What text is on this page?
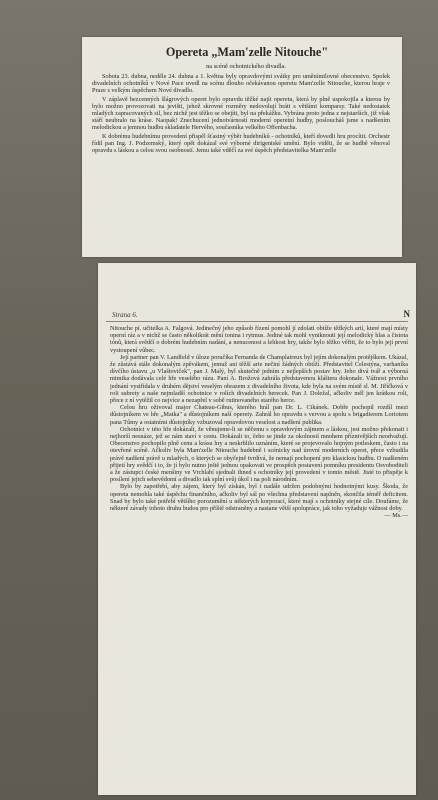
Opereta „Mam'zelle Nitouche"
na scéně ochotnického divadla.

Sobota 23. dubna, neděle 24. dubna a 1. května byly opravdovými svátky pro uměnímilovné obecenstvo. Spolek divadelních ochotníků v Nové Pace uvedl na scénu dlouho očekávanou operetu Mam'zelle Nitouche, kterou hraje v Praze s velkým úspěchem Nové divadlo.

V záplavě bezcenných šlágrových operet bylo opravdu těžké najít operetu, která by plně uspokojila a kterou by bylo možno provozovati na jevišti, jehož skrovné rozměry nedovolují hráti s většími komparsy. Také nedostatek mladých zapracovaných sil, bez nichž jest těžko se obejíti, byl na překážku. Vybrána proto jedna z nejstarších, již však stáří neubralo na kráse. Naopak! Znechucení jednotvárností moderní operetní hudby, posloucháš jsme s nadšením melodickou a jemnou hudbu skladatele Hervého, současníka velkého Offenbacha.

K dobrému hudebnímu provedení přispěl šťastný výběr hudebníků - ochotníků, kteří dovedli hru procítit. Orchestr řídil pan Ing. J. Podzemský, který opět dokázal své výborné dirigentské umění. Bylo viděti, že se hudbě věnoval opravdu s láskou a celou svou osobností. Jemu také vděčí za své úspěch představitelka Mam'zelle

Strana 6.	N

Nitouche pí. učitelka A. Falgová. Jedinečný jeho způsob řízení pomohl jí zdolati obtíže těžkých arií, které mají místy operní ráz a v nichž se často několikrát mění tonina i rytmus. Jediné tak mohl vyniknouti její melodický hlas a čistota tónů, která svědčí o dobrém hudebním nadání, a nenucenost a lehkost hry, takže bylo těžko věřiti, že to bylo její první vystoupení vůbec.

Její partner pan V. Landfeld v úloze poručíka Fernanda de Champlatreux byl jejím dokonalým protějškem. Ukázal, že zůstává stále dokonalým zpěvákem, jemuž ani těžší arie nečiní žádných obtíží. Představitel Celestýna, varhaníka dívčího ústavu „u Vlaštoviček", pan J. Malý, byl skutečně jedním z nejlepších postav hry. Jeho divá tvář a výborná mimika dodávala celé hře veselého rázu. Paní A. Brožová zahrála představenou kláštera dokonale. Vážnost prvního jednání vystřídala v druhém dějství veselým obrazem z divadelního života, kde byla na svém místě sl. M. Jiříčková v roli subrety a naše nejmladší ochotnice v rolích divadelních herecek. Pan J. Doležal, ačkoliv měl jen krátkou roli, přece z ní vytěžil co nejvíce a nezapřel v sobě rutinovaného starého herce.

Celou hru oživoval major Chateau-Gibus, kterého hrál pan Dr. L. Cikánek. Dobře pochopil rozdíl mezi důstojníkem ve hře „Matka" a důstojníkem naší operety. Zahrál ho opravdu s vervou a spolu s brigadierem Loriotem pana Tůmy a ostatními důstojníky vzbuzoval opravdovou veselost a nadšení publika.

Ochotníci v této hře dokázali, že věnujeme-li se něčemu s opravdovým zájmem a láskou, jest možno překonati i nejhorší nesnáze, jež se nám staví v cestu. Dokázali to, čeho se jinde za okolností mnohem příznivějších neodvažují. Obecenstvo pochopilo plně cenu a krásu hry a neskrblilo uznáním, které se projevovalo hojným potleskem, často i na otevřené scéně. Ačkoliv byla Mam'zelle Nitouche hudebně i scénicky nad úrovní moderních operet, přece vzbudila právě nadšení právě u mladých, o kterých se obyčejně tvrdívá, že nemají pochopení pro klasickou hudbu. O nadšeném přijetí hry svědčí i to, že jí bylo nutno ještě jednou opakovati ve prospěch postavení pomníku presidentu Osvoboditeli a že zástupci české menšiny ve Vrchlabí sjednali ihned s ochotníky její provedení v tomto městě. Jisté to přispěje k posílení jejich sebevědomí a divadlo tak splní svůj úkol i na poli národním.

Bylo by zapotřebí, aby zájem, který byl získán, byl i nadále udržen podobnými hodnotnými kusy. Škoda, že opereta nemohla také úspěchu finančního, ačkoliv byl sál po všechna představení naplněn, skončila téměř deficitem. Snad by bylo také potřebí většího porozumění u některých korporací, které mají s ochotníky stejné cíle. Doufáme, že některé závady tohoto druhu budou pro příště odstraněny a nastane větší spolupráce, jak toho vyžaduje vážnost doby.

— Ms.—
